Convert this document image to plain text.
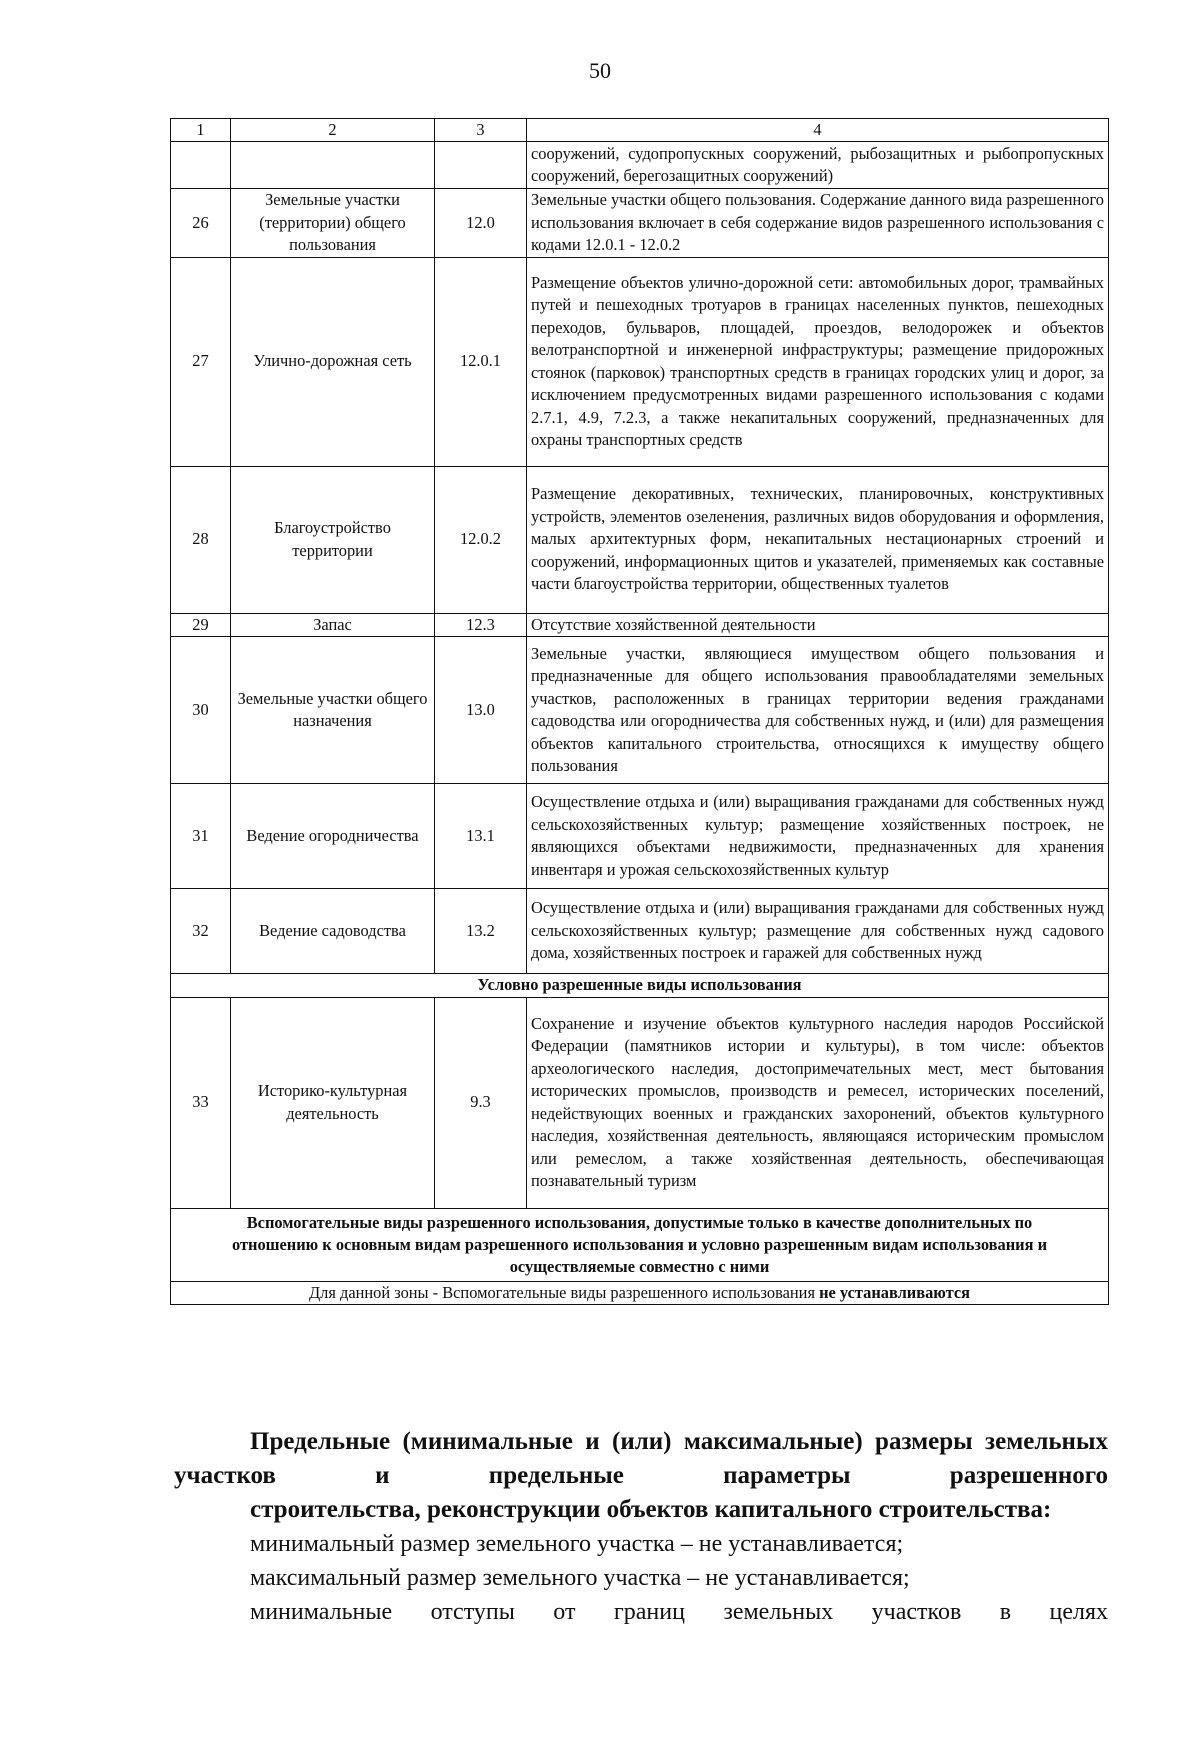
50
1	2	3	4
			сооружений, судопропускных сооружений, рыбозащитных и рыбопропускных сооружений, берегозащитных сооружений)
26	Земельные участки (территории) общего пользования	12.0	Земельные участки общего пользования. Содержание данного вида разрешенного использования включает в себя содержание видов разрешенного использования с кодами 12.0.1 - 12.0.2
27	Улично-дорожная сеть	12.0.1	Размещение объектов улично-дорожной сети: автомобильных дорог, трамвайных путей и пешеходных тротуаров в границах населенных пунктов, пешеходных переходов, бульваров, площадей, проездов, велодорожек и объектов велотранспортной и инженерной инфраструктуры; размещение придорожных стоянок (парковок) транспортных средств в границах городских улиц и дорог, за исключением предусмотренных видами разрешенного использования с кодами 2.7.1, 4.9, 7.2.3, а также некапитальных сооружений, предназначенных для охраны транспортных средств
28	Благоустройство территории	12.0.2	Размещение декоративных, технических, планировочных, конструктивных устройств, элементов озеленения, различных видов оборудования и оформления, малых архитектурных форм, некапитальных нестационарных строений и сооружений, информационных щитов и указателей, применяемых как составные части благоустройства территории, общественных туалетов
29	Запас	12.3	Отсутствие хозяйственной деятельности
30	Земельные участки общего назначения	13.0	Земельные участки, являющиеся имуществом общего пользования и предназначенные для общего использования правообладателями земельных участков, расположенных в границах территории ведения гражданами садоводства или огородничества для собственных нужд, и (или) для размещения объектов капитального строительства, относящихся к имуществу общего пользования
31	Ведение огородничества	13.1	Осуществление отдыха и (или) выращивания гражданами для собственных нужд сельскохозяйственных культур; размещение хозяйственных построек, не являющихся объектами недвижимости, предназначенных для хранения инвентаря и урожая сельскохозяйственных культур
32	Ведение садоводства	13.2	Осуществление отдыха и (или) выращивания гражданами для собственных нужд сельскохозяйственных культур; размещение для собственных нужд садового дома, хозяйственных построек и гаражей для собственных нужд
Условно разрешенные виды использования			
33	Историко-культурная деятельность	9.3	Сохранение и изучение объектов культурного наследия народов Российской Федерации (памятников истории и культуры), в том числе: объектов археологического наследия, достопримечательных мест, мест бытования исторических промыслов, производств и ремесел, исторических поселений, недействующих военных и гражданских захоронений, объектов культурного наследия, хозяйственная деятельность, являющаяся историческим промыслом или ремеслом, а также хозяйственная деятельность, обеспечивающая познавательный туризм
Вспомогательные виды разрешенного использования, допустимые только в качестве дополнительных по отношению к основным видам разрешенного использования и условно разрешенным видам использования и осуществляемые совместно с ними			
Для данной зоны - Вспомогательные виды разрешенного использования не устанавливаются			
Предельные (минимальные и (или) максимальные) размеры земельных участков и предельные параметры разрешенного
строительства, реконструкции объектов капитального строительства:

минимальный размер земельного участка – не устанавливается;

максимальный размер земельного участка – не устанавливается;

минимальные отступы от границ земельных участков в целях
